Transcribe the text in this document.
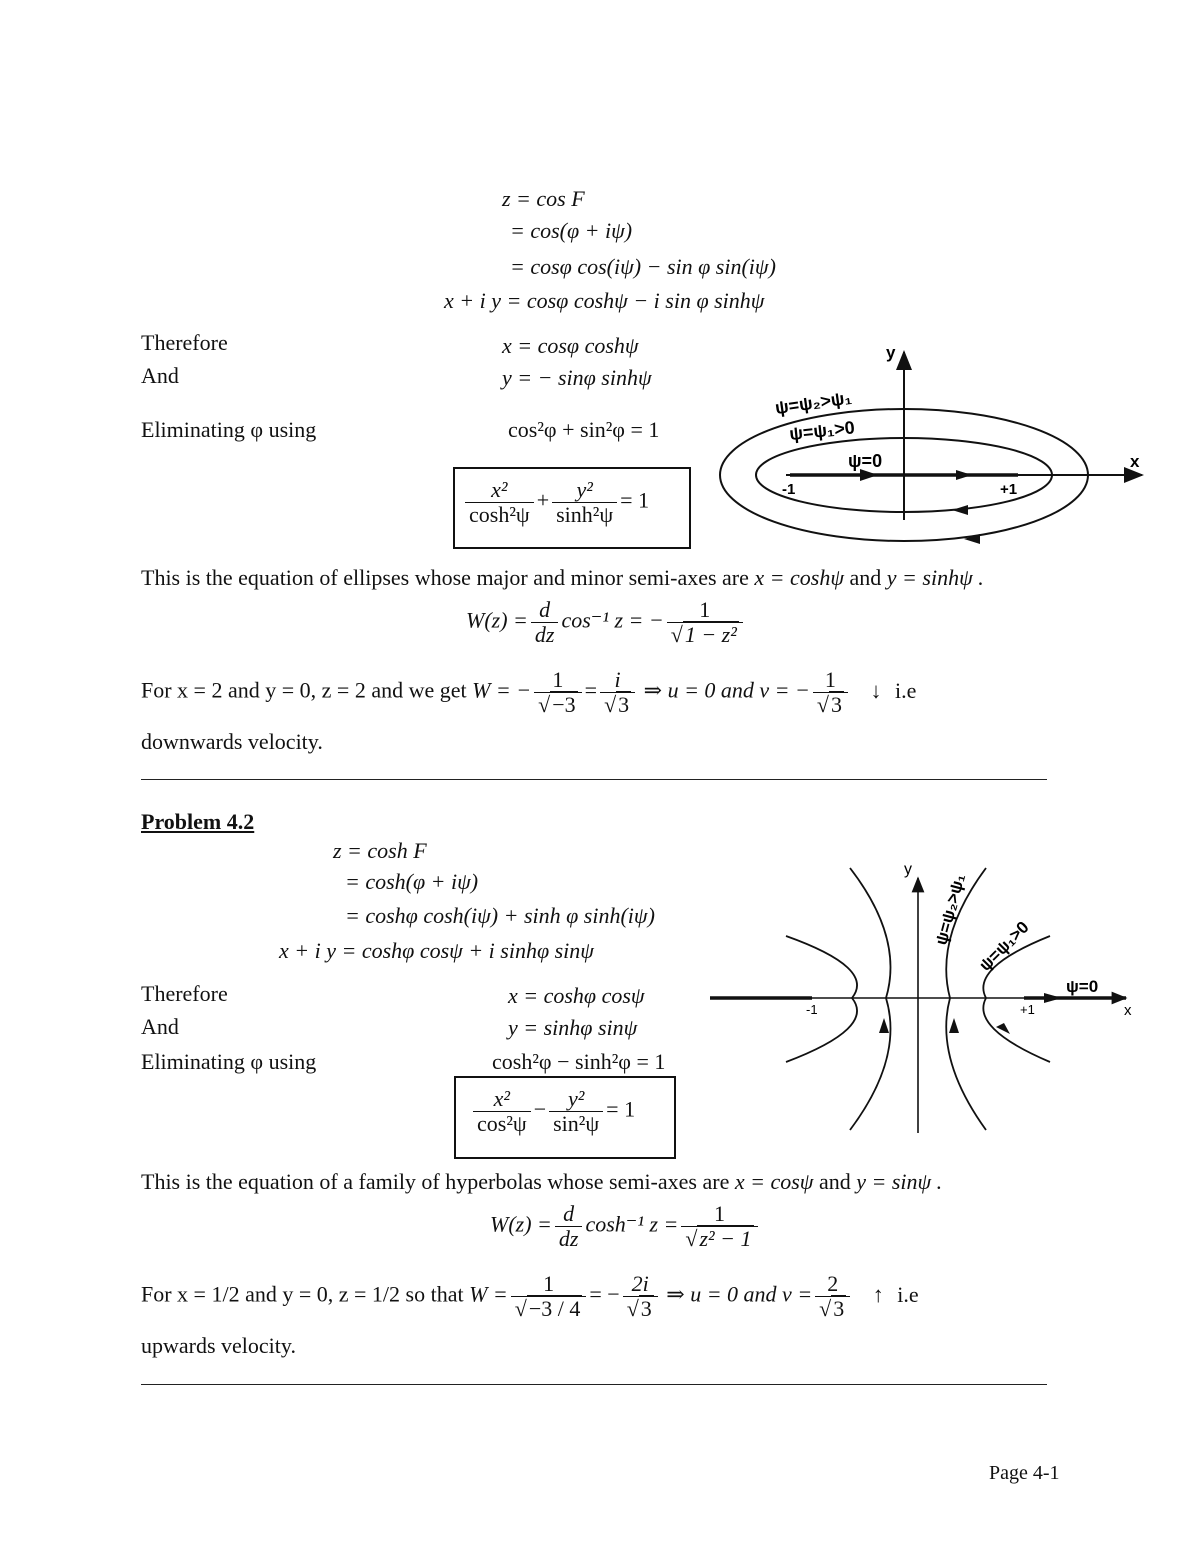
z = cos F
= cos(φ + iψ)
= cosφ cos(iψ) − sin φ sin(iψ)
x + i y = cosφ coshψ − i sin φ sinhψ
Therefore	x = cosφ coshψ
And	y = − sinφ sinhψ
Eliminating φ using	cos²φ + sin²φ = 1
$\frac{\text{x²}}{\text{cosh²ψ}} + \frac{\text{y²}}{\text{sinh²ψ}} = 1$
This is the equation of ellipses whose major and minor semi-axes are x = coshψ and y = sinhψ .
$W(z) = \frac{d}{dz} \cos^{-1}$ z = − $\frac{1}{\text{√1 − z²}}$
For x = 2 and y = 0, z = 2 and we get W = − $\frac{1}{√-3} = \frac{i}{√3}$ ⇒ u = 0 and v = − $\frac{1}{√3}$ ↓ i.e
downwards velocity.
y
x
ψ=ψ₂>ψ₁
ψ=ψ₁>0
ψ=0
-1	+1
Problem 4.2
z = cosh F
= cosh(φ + iψ)
= coshφ cosh(iψ) + sinh φ sinh(iψ)
x + i y = coshφ cosψ + i sinhφ sinψ
Therefore	x = coshφ cosψ
And	y = sinhφ sinψ
Eliminating φ using	cosh²φ − sinh²φ = 1
$\frac{\text{x²}}{\text{cos²ψ}} - \frac{\text{y²}}{\text{sin²ψ}} = 1$
This is the equation of a family of hyperbolas whose semi-axes are x = cosψ and y = sinψ .
$W(z) = \frac{d}{dz} \cosh^{-1}$ $z = \frac{1}{\text{√z² − 1}}$
For x = 1/2 and y = 0, z = 1/2 so that $W = \frac{1}{√-3 / 4}$ = − $\frac{2i}{√3}$ ⇒ u = 0 and $v = \frac{2}{√3}$ ↑ i.e
upwards velocity.
y
x
ψ=ψ₂>ψ₁ ψ=ψ₁>0
ψ=0
-1	+1
Page 4-1
